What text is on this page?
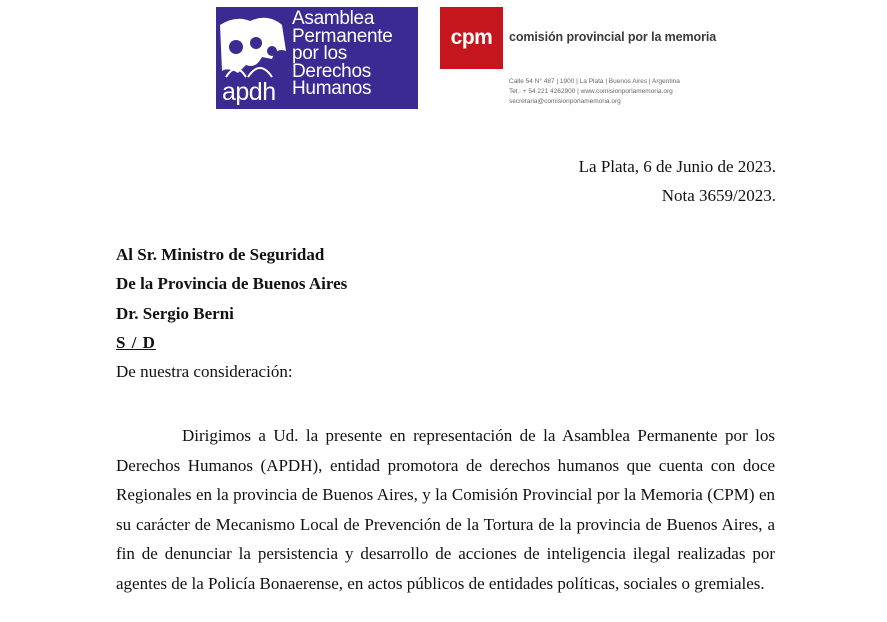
Asamblea
Permanente
por los
Derechos
Humanos
apdh
cpm	comisión provincial por la memoria
Calle 54 N° 487 | 1900 | La Plata | Buenos Aires | Argentina
Tel.: + 54 221 4262900 | www.comisionporlamemoria.org
secretaria@comisionporlamemoria.org
La Plata, 6 de Junio de 2023.
Nota 3659/2023.
Al Sr. Ministro de Seguridad
De la Provincia de Buenos Aires
Dr. Sergio Berni
S / D
De nuestra consideración:

Dirigimos a Ud. la presente en representación de la Asamblea Permanente por los Derechos Humanos (APDH), entidad promotora de derechos humanos que cuenta con doce Regionales en la provincia de Buenos Aires, y la Comisión Provincial por la Memoria (CPM) en su carácter de Mecanismo Local de Prevención de la Tortura de la provincia de Buenos Aires, a fin de denunciar la persistencia y desarrollo de acciones de inteligencia ilegal realizadas por agentes de la Policía Bonaerense, en actos públicos de entidades políticas, sociales o gremiales.
